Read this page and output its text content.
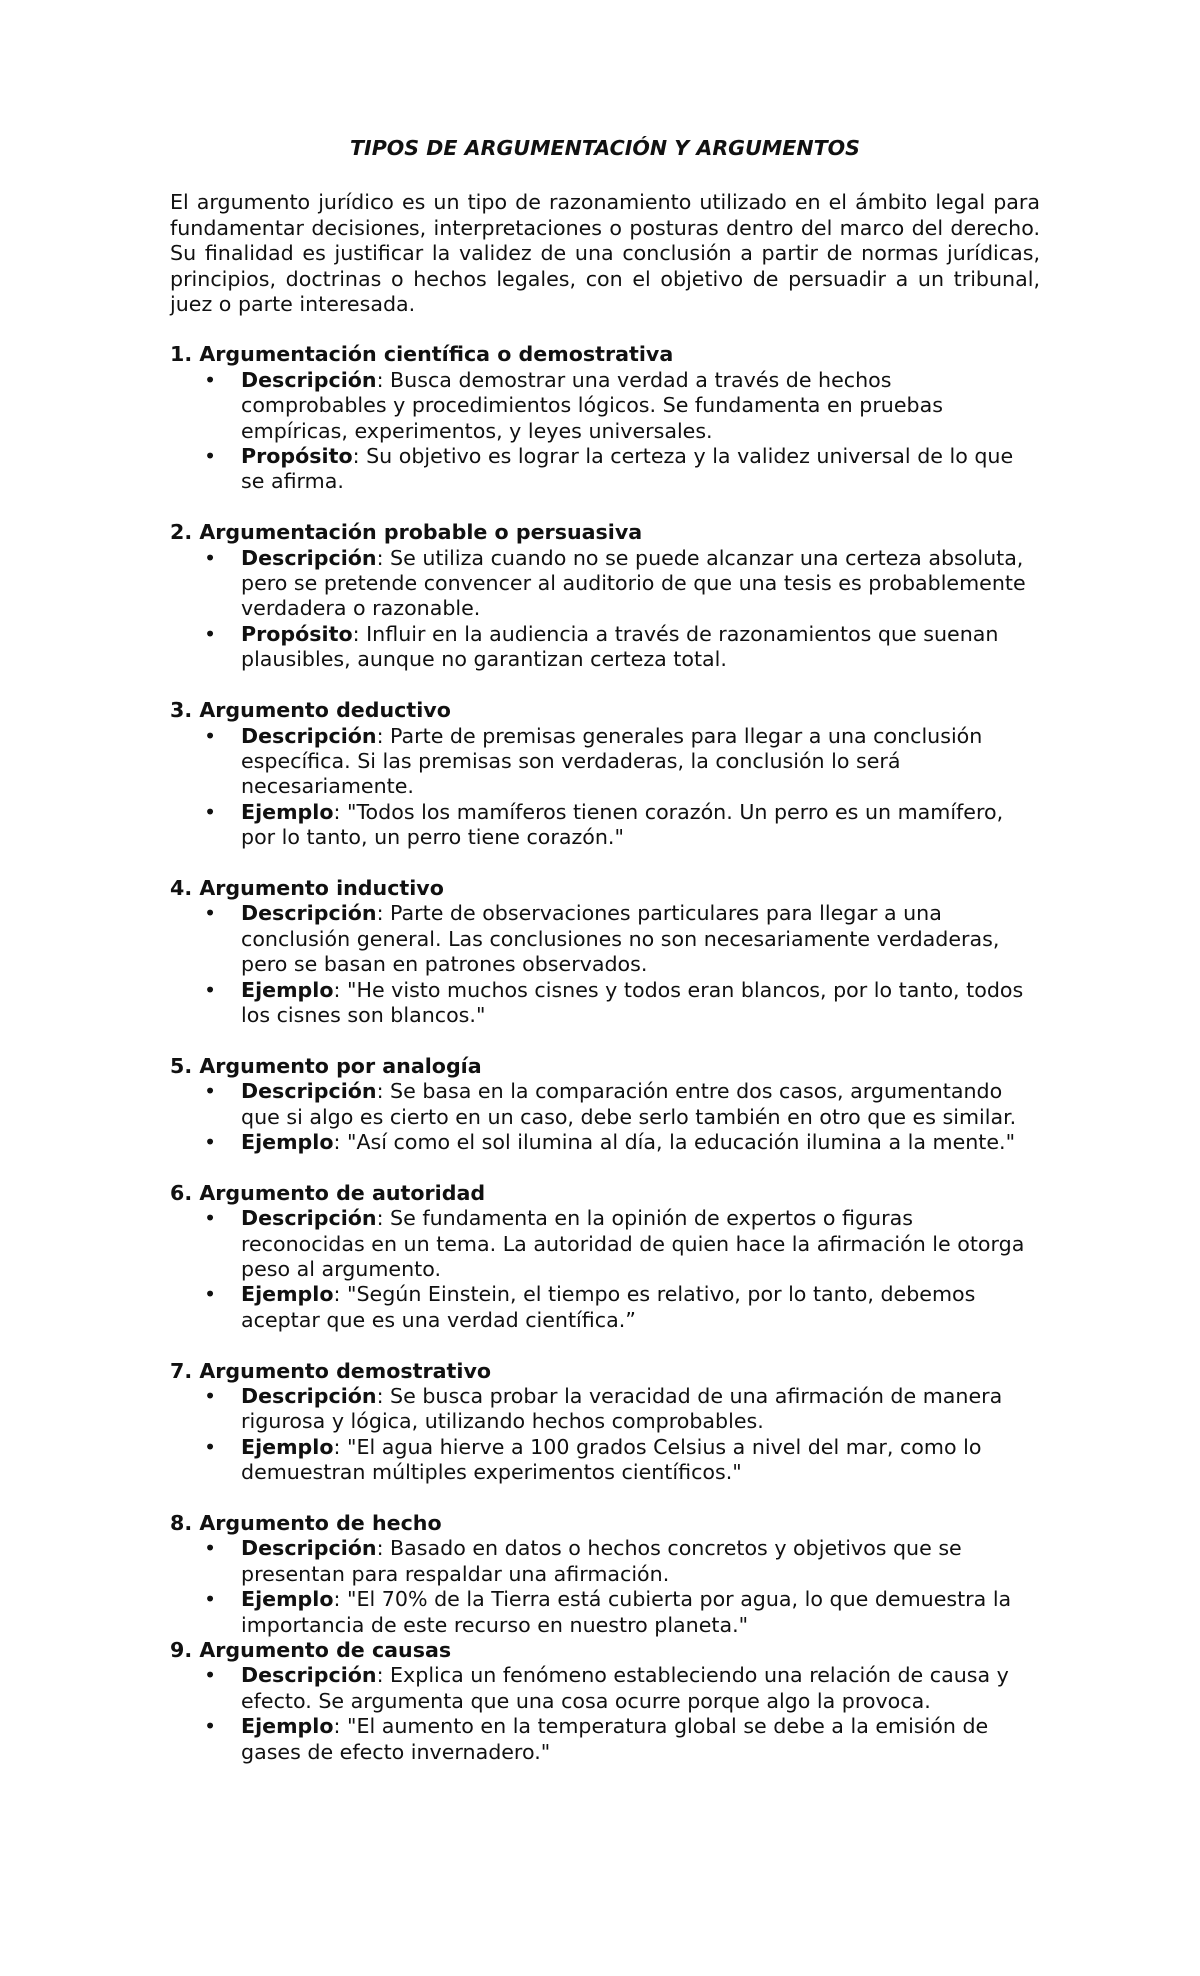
TIPOS DE ARGUMENTACIÓN Y ARGUMENTOS
El argumento jurídico es un tipo de razonamiento utilizado en el ámbito legal para fundamentar decisiones, interpretaciones o posturas dentro del marco del derecho. Su finalidad es justificar la validez de una conclusión a partir de normas jurídicas, principios, doctrinas o hechos legales, con el objetivo de persuadir a un tribunal, juez o parte interesada.
1. Argumentación científica o demostrativa
•	Descripción: Busca demostrar una verdad a través de hechos comprobables y procedimientos lógicos. Se fundamenta en pruebas empíricas, experimentos, y leyes universales.
•	Propósito: Su objetivo es lograr la certeza y la validez universal de lo que se afirma.
2. Argumentación probable o persuasiva
•	Descripción: Se utiliza cuando no se puede alcanzar una certeza absoluta, pero se pretende convencer al auditorio de que una tesis es probablemente verdadera o razonable.
•	Propósito: Influir en la audiencia a través de razonamientos que suenan plausibles, aunque no garantizan certeza total.
3. Argumento deductivo
•	Descripción: Parte de premisas generales para llegar a una conclusión específica. Si las premisas son verdaderas, la conclusión lo será necesariamente.
•	Ejemplo: "Todos los mamíferos tienen corazón. Un perro es un mamífero, por lo tanto, un perro tiene corazón."
4. Argumento inductivo
•	Descripción: Parte de observaciones particulares para llegar a una conclusión general. Las conclusiones no son necesariamente verdaderas, pero se basan en patrones observados.
•	Ejemplo: "He visto muchos cisnes y todos eran blancos, por lo tanto, todos los cisnes son blancos."
5. Argumento por analogía
•	Descripción: Se basa en la comparación entre dos casos, argumentando que si algo es cierto en un caso, debe serlo también en otro que es similar.
•	Ejemplo: "Así como el sol ilumina al día, la educación ilumina a la mente."
6. Argumento de autoridad
•	Descripción: Se fundamenta en la opinión de expertos o figuras reconocidas en un tema. La autoridad de quien hace la afirmación le otorga peso al argumento.
•	Ejemplo: "Según Einstein, el tiempo es relativo, por lo tanto, debemos aceptar que es una verdad científica.”
7. Argumento demostrativo
•	Descripción: Se busca probar la veracidad de una afirmación de manera rigurosa y lógica, utilizando hechos comprobables.
•	Ejemplo: "El agua hierve a 100 grados Celsius a nivel del mar, como lo demuestran múltiples experimentos científicos."
8. Argumento de hecho
•	Descripción: Basado en datos o hechos concretos y objetivos que se presentan para respaldar una afirmación.
•	Ejemplo: "El 70% de la Tierra está cubierta por agua, lo que demuestra la importancia de este recurso en nuestro planeta."
9. Argumento de causas
•	Descripción: Explica un fenómeno estableciendo una relación de causa y efecto. Se argumenta que una cosa ocurre porque algo la provoca.
•	Ejemplo: "El aumento en la temperatura global se debe a la emisión de gases de efecto invernadero."
